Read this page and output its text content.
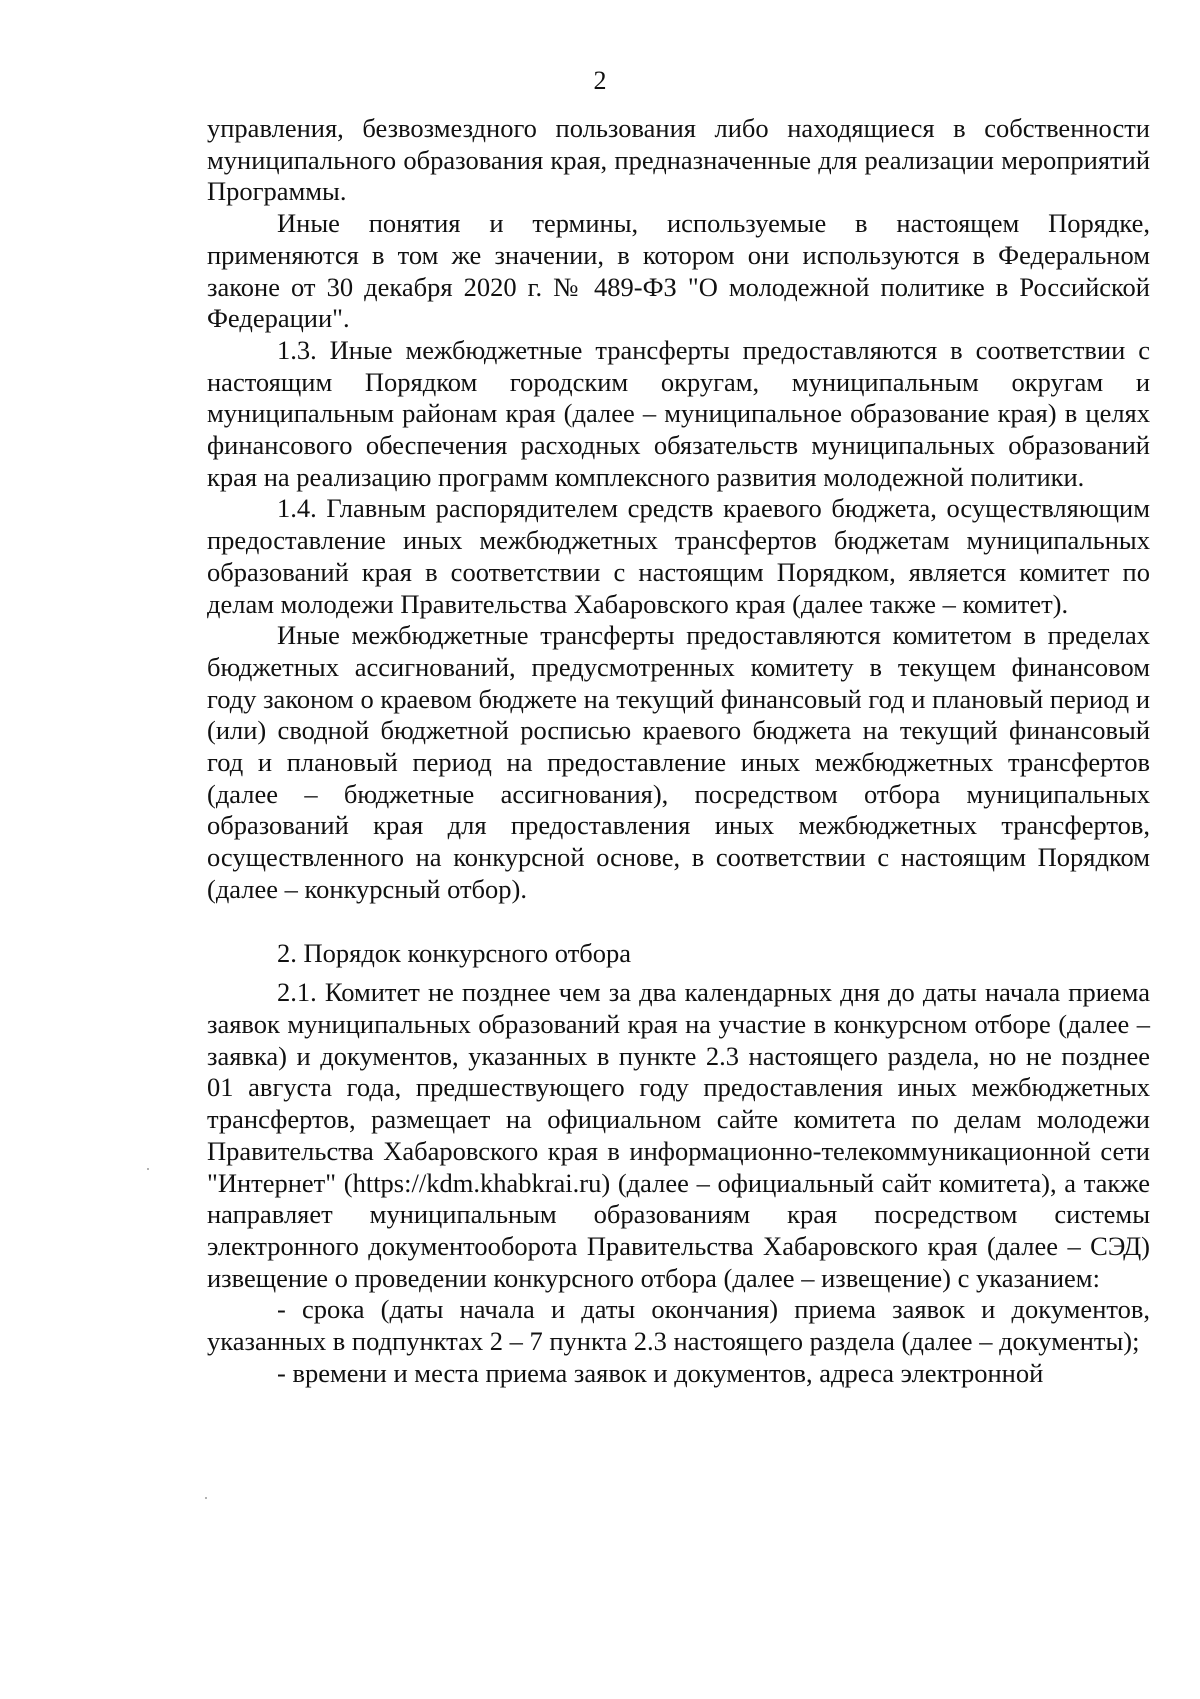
2

управления, безвозмездного пользования либо находящиеся в собственности муниципального образования края, предназначенные для реализации мероприятий Программы.

Иные понятия и термины, используемые в настоящем Порядке, применяются в том же значении, в котором они используются в Федеральном законе от 30 декабря 2020 г. № 489-ФЗ "О молодежной политике в Российской Федерации".

1.3. Иные межбюджетные трансферты предоставляются в соответствии с настоящим Порядком городским округам, муниципальным округам и муниципальным районам края (далее – муниципальное образование края) в целях финансового обеспечения расходных обязательств муниципальных образований края на реализацию программ комплексного развития молодежной политики.

1.4. Главным распорядителем средств краевого бюджета, осуществляющим предоставление иных межбюджетных трансфертов бюджетам муниципальных образований края в соответствии с настоящим Порядком, является комитет по делам молодежи Правительства Хабаровского края (далее также – комитет).

Иные межбюджетные трансферты предоставляются комитетом в пределах бюджетных ассигнований, предусмотренных комитету в текущем финансовом году законом о краевом бюджете на текущий финансовый год и плановый период и (или) сводной бюджетной росписью краевого бюджета на текущий финансовый год и плановый период на предоставление иных межбюджетных трансфертов (далее – бюджетные ассигнования), посредством отбора муниципальных образований края для предоставления иных межбюджетных трансфертов, осуществленного на конкурсной основе, в соответствии с настоящим Порядком (далее – конкурсный отбор).

2. Порядок конкурсного отбора

2.1. Комитет не позднее чем за два календарных дня до даты начала приема заявок муниципальных образований края на участие в конкурсном отборе (далее – заявка) и документов, указанных в пункте 2.3 настоящего раздела, но не позднее 01 августа года, предшествующего году предоставления иных межбюджетных трансфертов, размещает на официальном сайте комитета по делам молодежи Правительства Хабаровского края в информационно-телекоммуникационной сети "Интернет" (https://kdm.khabkrai.ru) (далее – официальный сайт комитета), а также направляет муниципальным образованиям края посредством системы электронного документооборота Правительства Хабаровского края (далее – СЭД) извещение о проведении конкурсного отбора (далее – извещение) с указанием:

- срока (даты начала и даты окончания) приема заявок и документов, указанных в подпунктах 2 – 7 пункта 2.3 настоящего раздела (далее – документы);

- времени и места приема заявок и документов, адреса электронной
